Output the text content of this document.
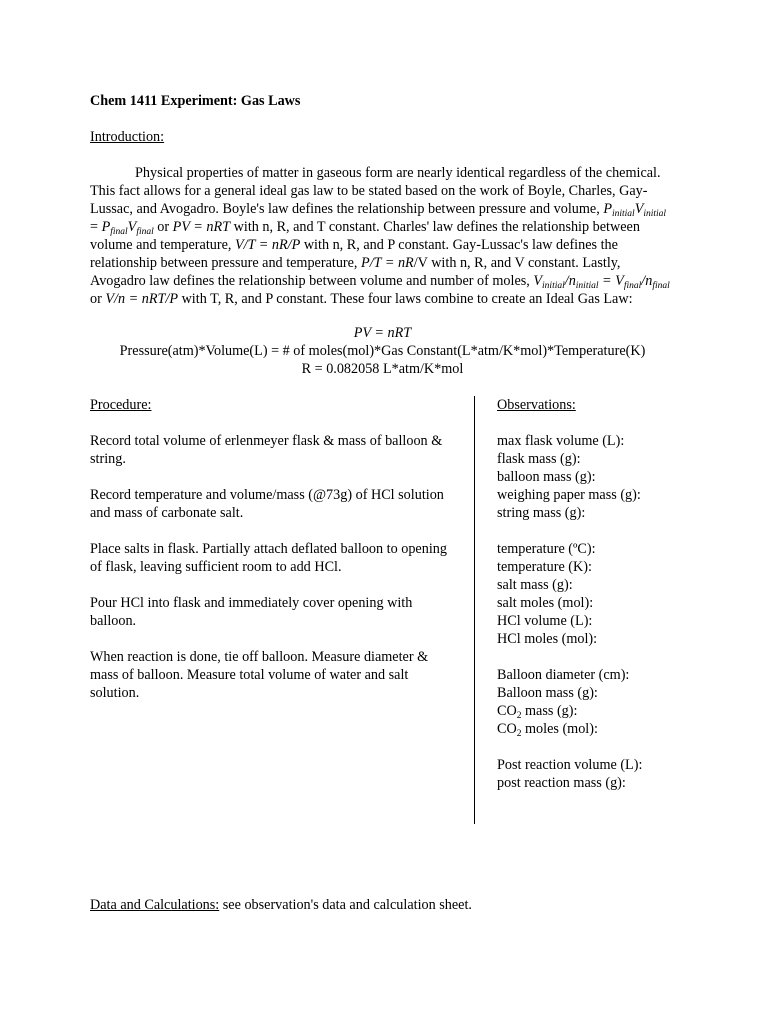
Chem 1411 Experiment: Gas Laws
Introduction:

Physical properties of matter in gaseous form are nearly identical regardless of the chemical. This fact allows for a general ideal gas law to be stated based on the work of Boyle, Charles, Gay-Lussac, and Avogadro. Boyle's law defines the relationship between pressure and volume, $P_{initial}V_{initial} = P_{final}V_{final}$ or PV = nRT with n, R, and T constant. Charles' law defines the relationship between volume and temperature, V/T = nR/P with n, R, and P constant. Gay-Lussac's law defines the relationship between pressure and temperature, P/T = nR/V with n, R, and V constant. Lastly, Avogadro law defines the relationship between volume and number of moles, $V_{initial}/n_{initial} = V_{final}/n_{final}$ or V/n = nRT/P with T, R, and P constant. These four laws combine to create an Ideal Gas Law:

PV = nRT
Pressure(atm)*Volume(L) = # of moles(mol)*Gas Constant(L*atm/K*mol)*Temperature(K)
R = 0.082058 L*atm/K*mol
Procedure:

Record total volume of erlenmeyer flask & mass of balloon & string.

Record temperature and volume/mass (@73g) of HCl solution and mass of carbonate salt.

Place salts in flask. Partially attach deflated balloon to opening of flask, leaving sufficient room to add HCl.

Pour HCl into flask and immediately cover opening with balloon.

When reaction is done, tie off balloon. Measure diameter & mass of balloon. Measure total volume of water and salt solution.

Observations:
max flask volume (L):
flask mass (g):
balloon mass (g):
weighing paper mass (g):
string mass (g):
temperature (ºC):
temperature (K):
salt mass (g):
salt moles (mol):
HCl volume (L):
HCl moles (mol):
Balloon diameter (cm):
Balloon mass (g):
$CO_2$ mass (g):
$CO_2$ moles (mol):
Post reaction volume (L):
post reaction mass (g):
Data and Calculations: see observation's data and calculation sheet.
